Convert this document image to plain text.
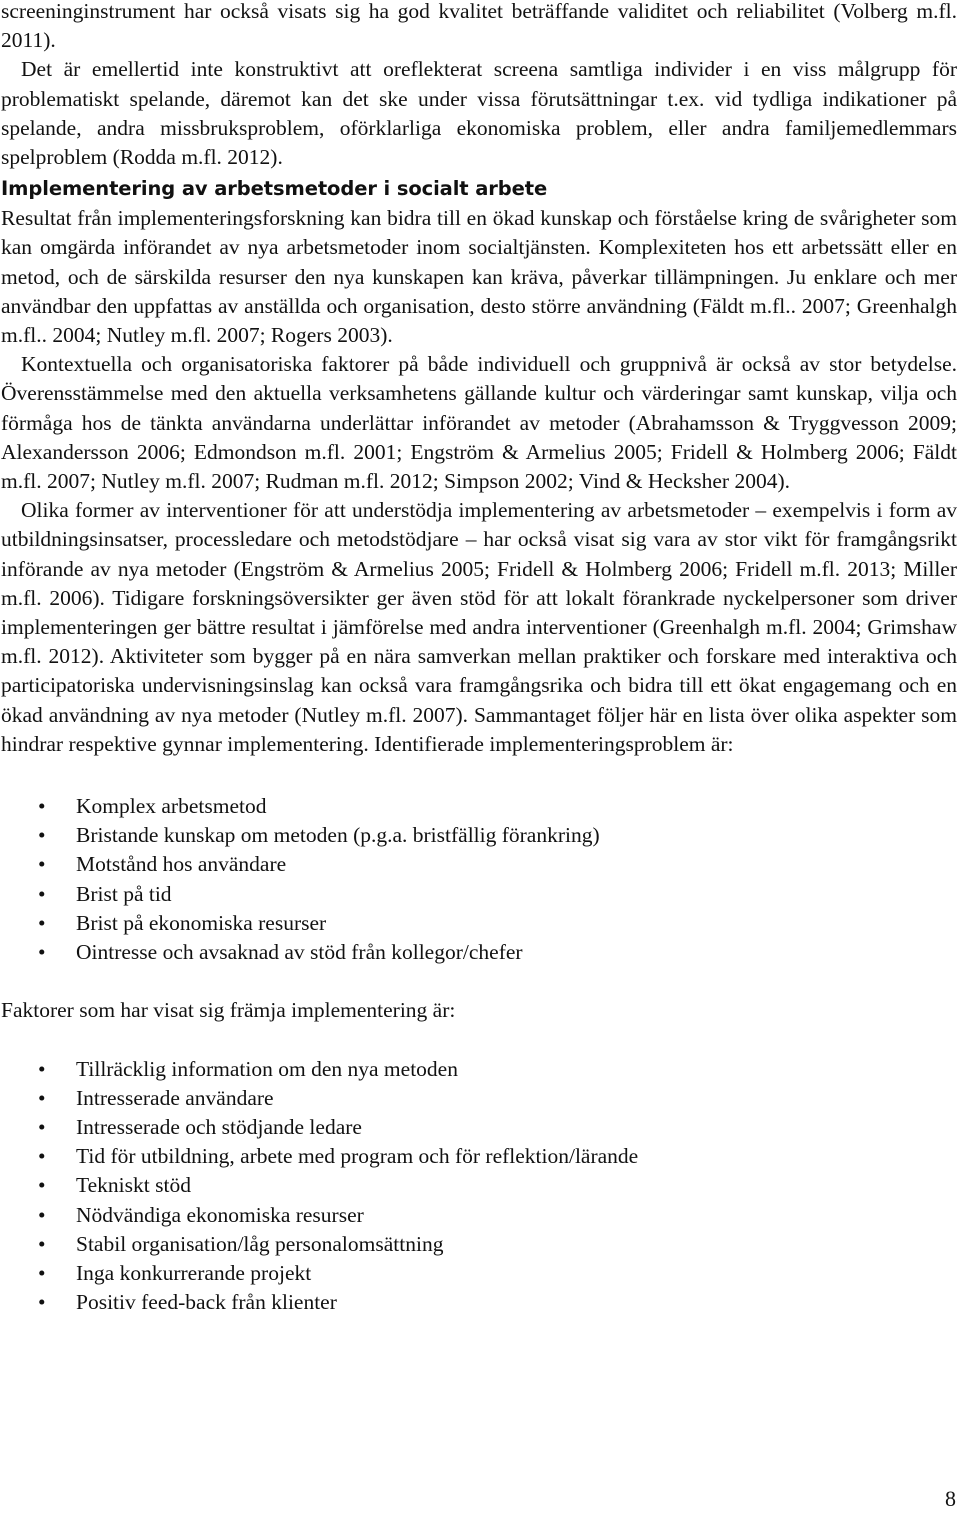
screeninginstrument har också visats sig ha god kvalitet beträffande validitet och reliabilitet (Volberg m.fl. 2011).

Det är emellertid inte konstruktivt att oreflekterat screena samtliga individer i en viss målgrupp för problematiskt spelande, däremot kan det ske under vissa förutsättningar t.ex. vid tydliga indikationer på spelande, andra missbruksproblem, oförklarliga ekonomiska problem, eller andra familjemedlemmars spelproblem (Rodda m.fl. 2012).

Implementering av arbetsmetoder i socialt arbete

Resultat från implementeringsforskning kan bidra till en ökad kunskap och förståelse kring de svårigheter som kan omgärda införandet av nya arbetsmetoder inom socialtjänsten. Komplexiteten hos ett arbetssätt eller en metod, och de särskilda resurser den nya kunskapen kan kräva, påverkar tillämpningen. Ju enklare och mer användbar den uppfattas av anställda och organisation, desto större användning (Fäldt m.fl.. 2007; Greenhalgh m.fl.. 2004; Nutley m.fl. 2007; Rogers 2003).

Kontextuella och organisatoriska faktorer på både individuell och gruppnivå är också av stor betydelse. Överensstämmelse med den aktuella verksamhetens gällande kultur och värderingar samt kunskap, vilja och förmåga hos de tänkta användarna underlättar införandet av metoder (Abrahamsson & Tryggvesson 2009; Alexandersson 2006; Edmondson m.fl. 2001; Engström & Armelius 2005; Fridell & Holmberg 2006; Fäldt m.fl. 2007; Nutley m.fl. 2007; Rudman m.fl. 2012; Simpson 2002; Vind & Hecksher 2004).

Olika former av interventioner för att understödja implementering av arbetsmetoder – exempelvis i form av utbildningsinsatser, processledare och metodstödjare – har också visat sig vara av stor vikt för framgångsrikt införande av nya metoder (Engström & Armelius 2005; Fridell & Holmberg 2006; Fridell m.fl. 2013; Miller m.fl. 2006). Tidigare forskningsöversikter ger även stöd för att lokalt förankrade nyckelpersoner som driver implementeringen ger bättre resultat i jämförelse med andra interventioner (Greenhalgh m.fl. 2004; Grimshaw m.fl. 2012). Aktiviteter som bygger på en nära samverkan mellan praktiker och forskare med interaktiva och participatoriska undervisningsinslag kan också vara framgångsrika och bidra till ett ökat engagemang och en ökad användning av nya metoder (Nutley m.fl. 2007). Sammantaget följer här en lista över olika aspekter som hindrar respektive gynnar implementering. Identifierade implementeringsproblem är:

• Komplex arbetsmetod
• Bristande kunskap om metoden (p.g.a. bristfällig förankring)
• Motstånd hos användare
• Brist på tid
• Brist på ekonomiska resurser
• Ointresse och avsaknad av stöd från kollegor/chefer

Faktorer som har visat sig främja implementering är:

• Tillräcklig information om den nya metoden
• Intresserade användare
• Intresserade och stödjande ledare
• Tid för utbildning, arbete med program och för reflektion/lärande
• Tekniskt stöd
• Nödvändiga ekonomiska resurser
• Stabil organisation/låg personalomsättning
• Inga konkurrerande projekt
• Positiv feed-back från klienter
8
